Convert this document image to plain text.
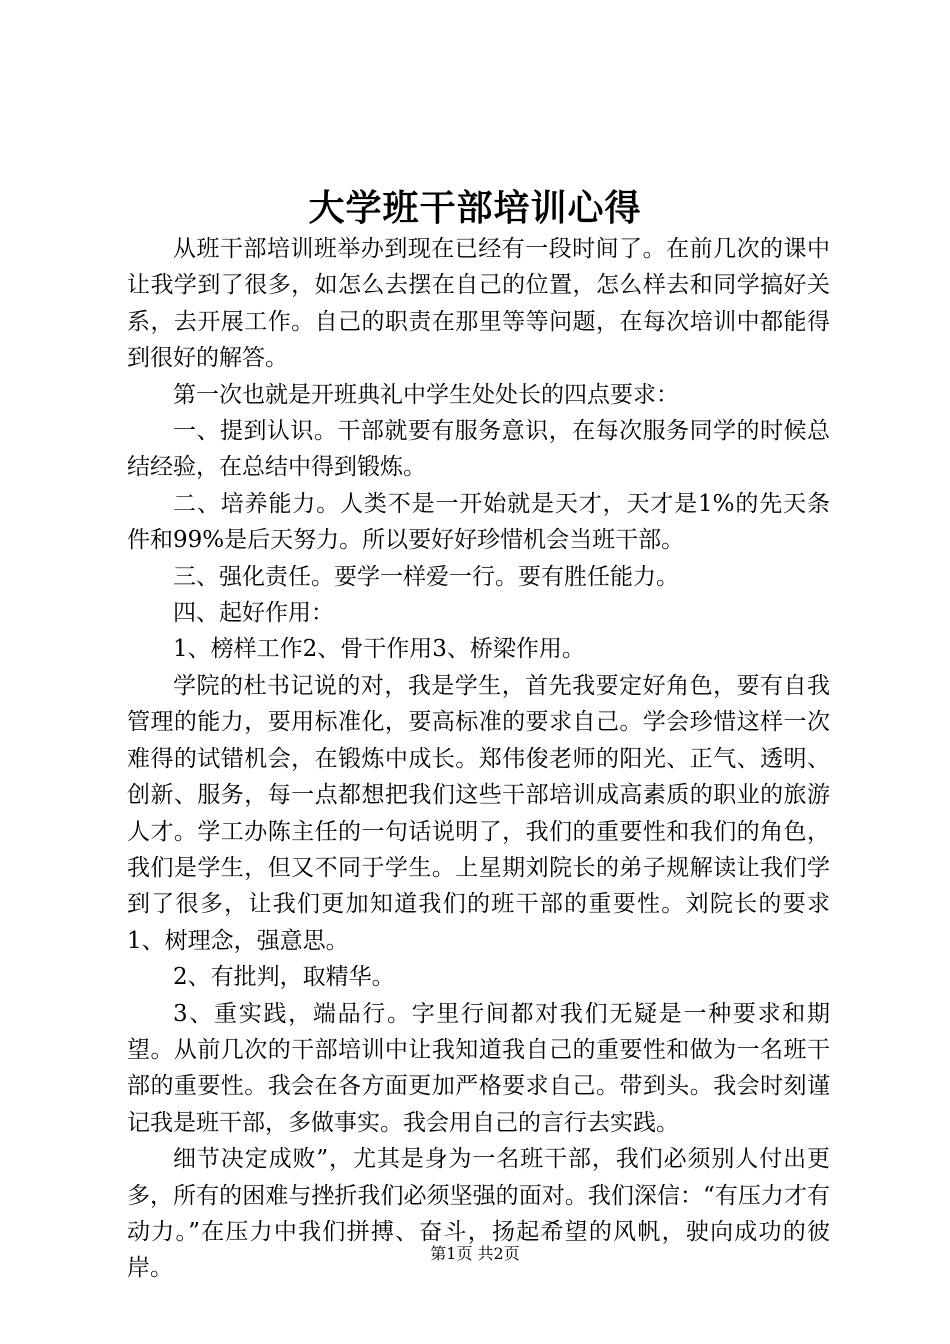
大学班干部培训心得

从班干部培训班举办到现在已经有一段时间了。在前几次的课中让我学到了很多，如怎么去摆在自己的位置，怎么样去和同学搞好关系，去开展工作。自己的职责在那里等等问题，在每次培训中都能得到很好的解答。

第一次也就是开班典礼中学生处处长的四点要求：

一、提到认识。干部就要有服务意识，在每次服务同学的时候总结经验，在总结中得到锻炼。

二、培养能力。人类不是一开始就是天才，天才是1%的先天条件和99%是后天努力。所以要好好珍惜机会当班干部。

三、强化责任。要学一样爱一行。要有胜任能力。

四、起好作用：

1、榜样工作2、骨干作用3、桥梁作用。

学院的杜书记说的对，我是学生，首先我要定好角色，要有自我管理的能力，要用标准化，要高标准的要求自己。学会珍惜这样一次难得的试错机会，在锻炼中成长。郑伟俊老师的阳光、正气、透明、创新、服务，每一点都想把我们这些干部培训成高素质的职业的旅游人才。学工办陈主任的一句话说明了，我们的重要性和我们的角色，我们是学生，但又不同于学生。上星期刘院长的弟子规解读让我们学到了很多，让我们更加知道我们的班干部的重要性。刘院长的要求1、树理念，强意思。

2、有批判，取精华。

3、重实践，端品行。字里行间都对我们无疑是一种要求和期望。从前几次的干部培训中让我知道我自己的重要性和做为一名班干部的重要性。我会在各方面更加严格要求自己。带到头。我会时刻谨记我是班干部，多做事实。我会用自己的言行去实践。

细节决定成败”，尤其是身为一名班干部，我们必须别人付出更多，所有的困难与挫折我们必须坚强的面对。我们深信：“有压力才有动力。”在压力中我们拼搏、奋斗，扬起希望的风帆，驶向成功的彼岸。

第1页 共2页
